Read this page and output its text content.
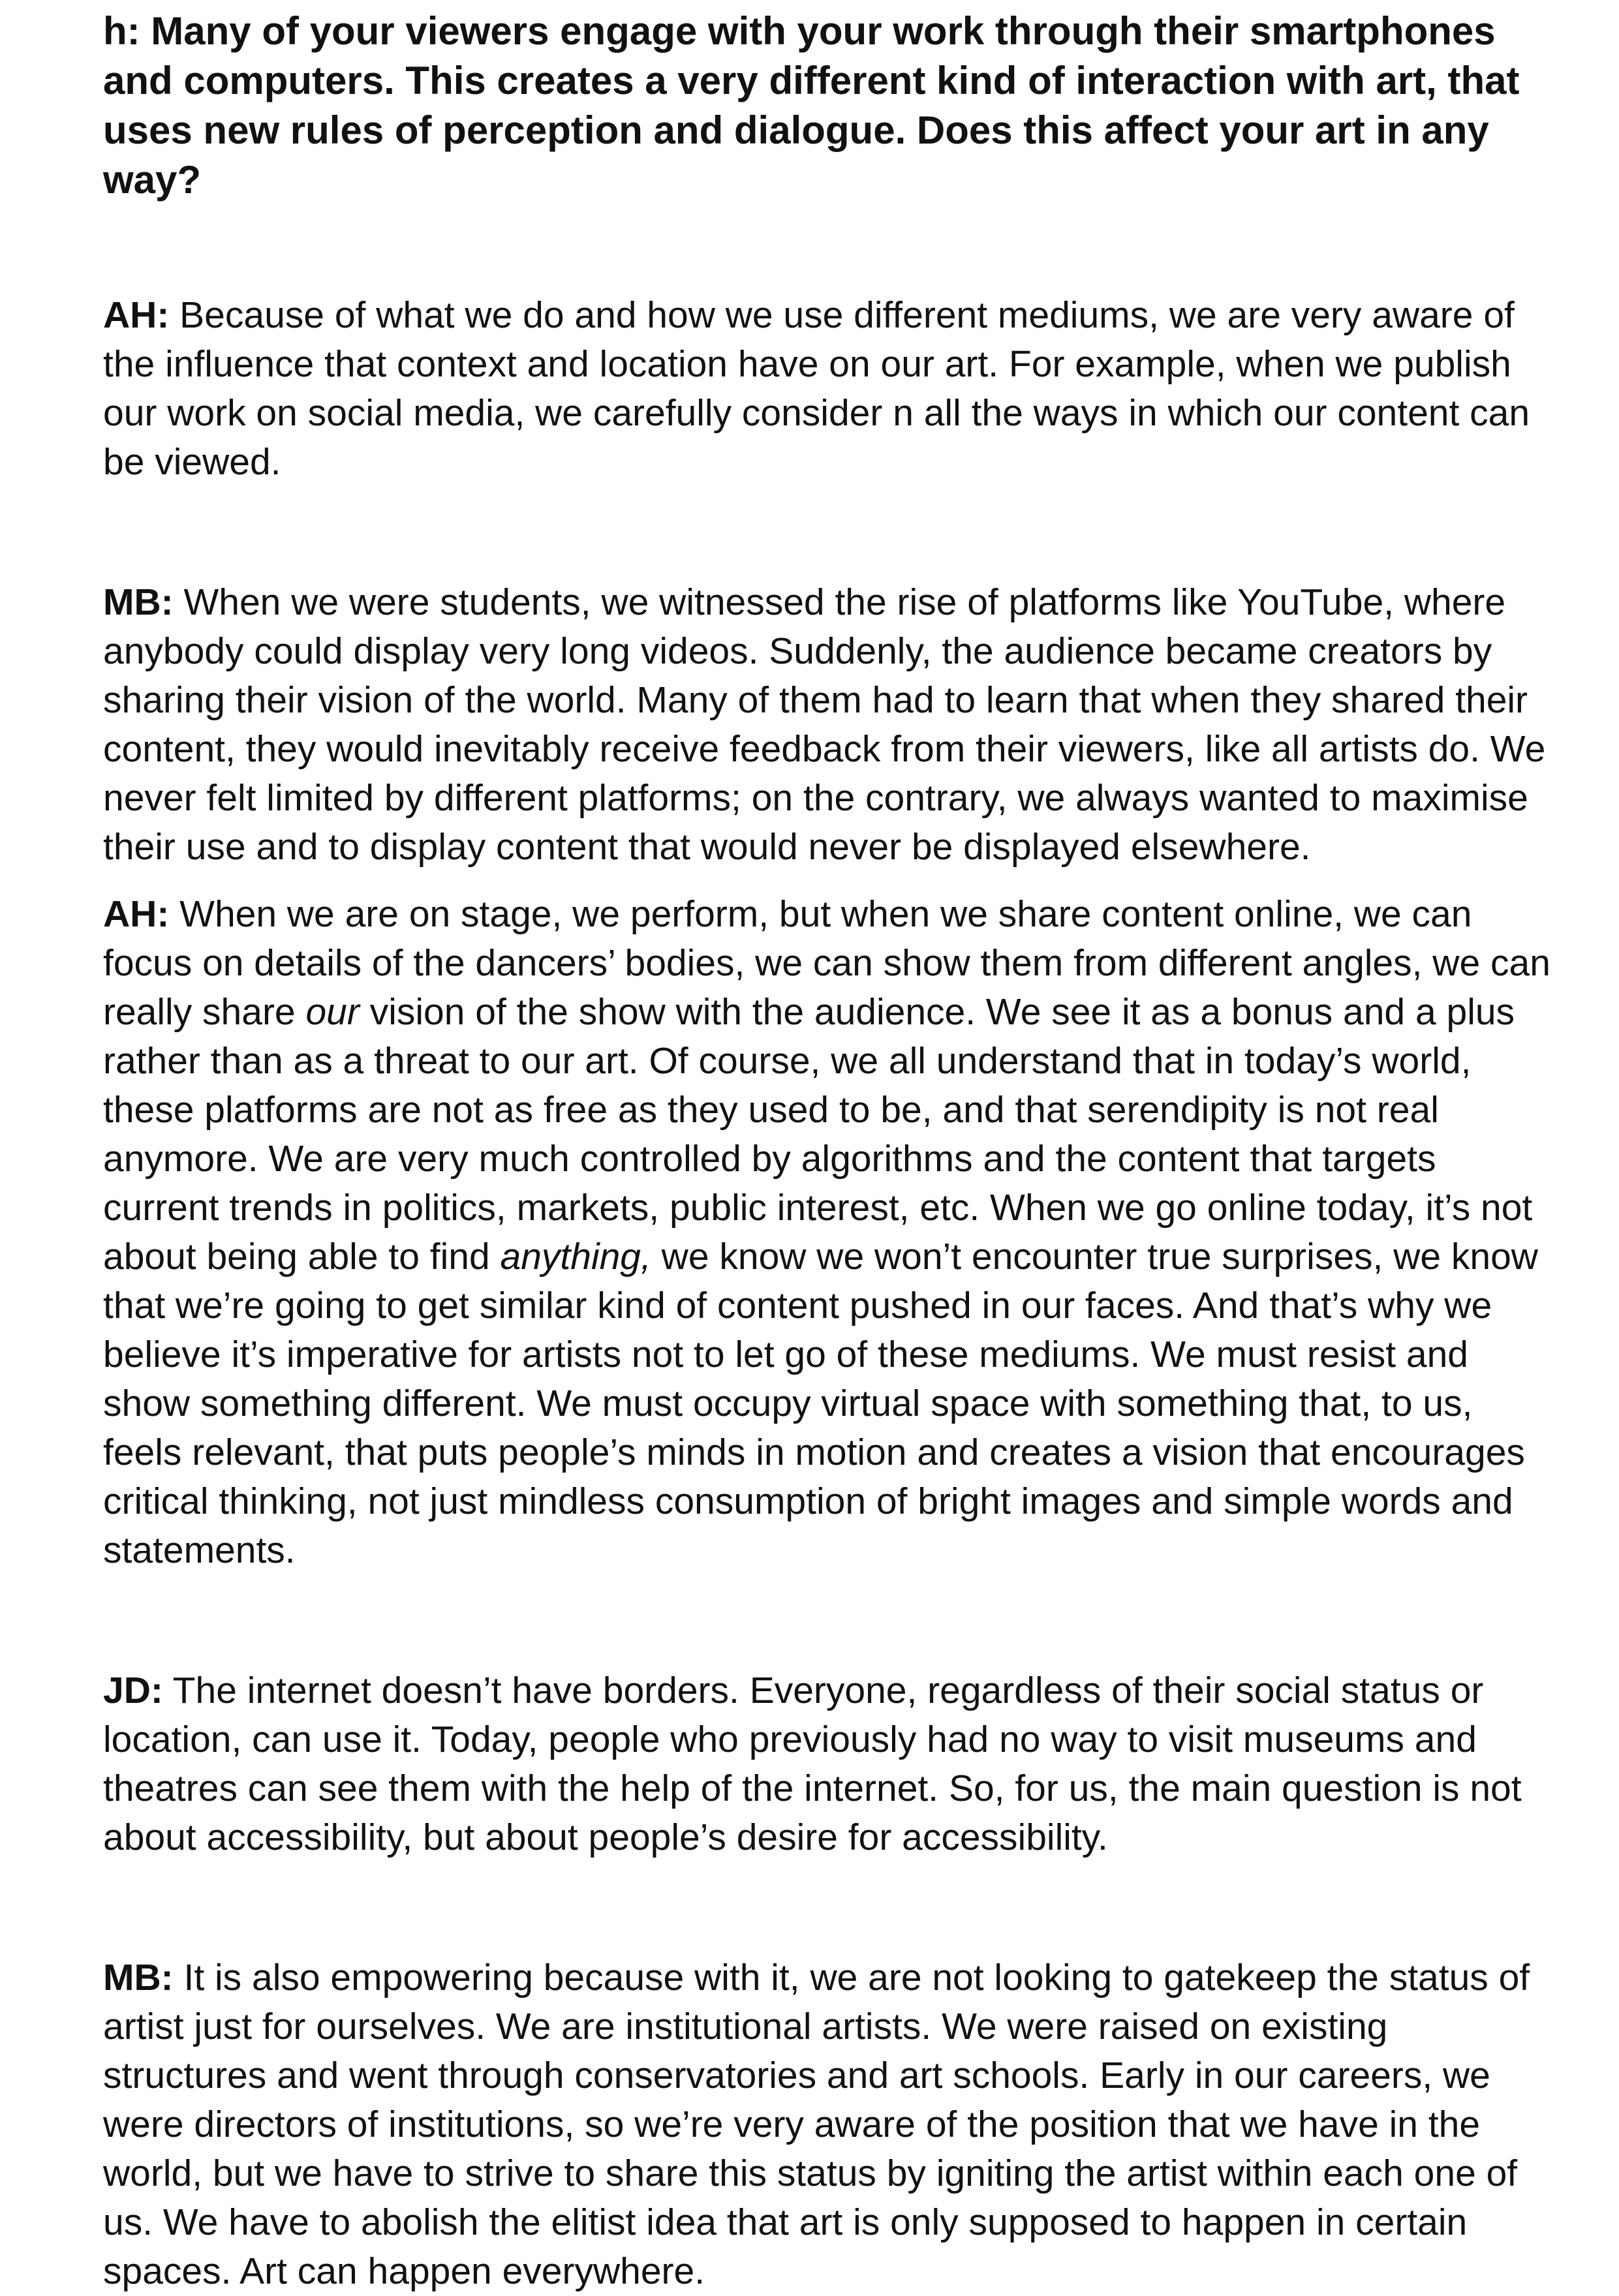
h: Many of your viewers engage with your work through their smartphones and computers. This creates a very different kind of interaction with art, that uses new rules of perception and dialogue. Does this affect your art in any way?

AH: Because of what we do and how we use different mediums, we are very aware of the influence that context and location have on our art. For example, when we publish our work on social media, we carefully consider n all the ways in which our content can be viewed.

MB: When we were students, we witnessed the rise of platforms like YouTube, where anybody could display very long videos. Suddenly, the audience became creators by sharing their vision of the world. Many of them had to learn that when they shared their content, they would inevitably receive feedback from their viewers, like all artists do. We never felt limited by different platforms; on the contrary, we always wanted to maximise their use and to display content that would never be displayed elsewhere.

AH: When we are on stage, we perform, but when we share content online, we can focus on details of the dancers’ bodies, we can show them from different angles, we can really share our vision of the show with the audience. We see it as a bonus and a plus rather than as a threat to our art. Of course, we all understand that in today’s world, these platforms are not as free as they used to be, and that serendipity is not real anymore. We are very much controlled by algorithms and the content that targets current trends in politics, markets, public interest, etc. When we go online today, it’s not about being able to find anything, we know we won’t encounter true surprises, we know that we’re going to get similar kind of content pushed in our faces. And that’s why we believe it’s imperative for artists not to let go of these mediums. We must resist and show something different. We must occupy virtual space with something that, to us, feels relevant, that puts people’s minds in motion and creates a vision that encourages critical thinking, not just mindless consumption of bright images and simple words and statements.

JD: The internet doesn’t have borders. Everyone, regardless of their social status or location, can use it. Today, people who previously had no way to visit museums and theatres can see them with the help of the internet. So, for us, the main question is not about accessibility, but about people’s desire for accessibility.

MB: It is also empowering because with it, we are not looking to gatekeep the status of artist just for ourselves. We are institutional artists. We were raised on existing structures and went through conservatories and art schools. Early in our careers, we were directors of institutions, so we’re very aware of the position that we have in the world, but we have to strive to share this status by igniting the artist within each one of us. We have to abolish the elitist idea that art is only supposed to happen in certain spaces. Art can happen everywhere.
